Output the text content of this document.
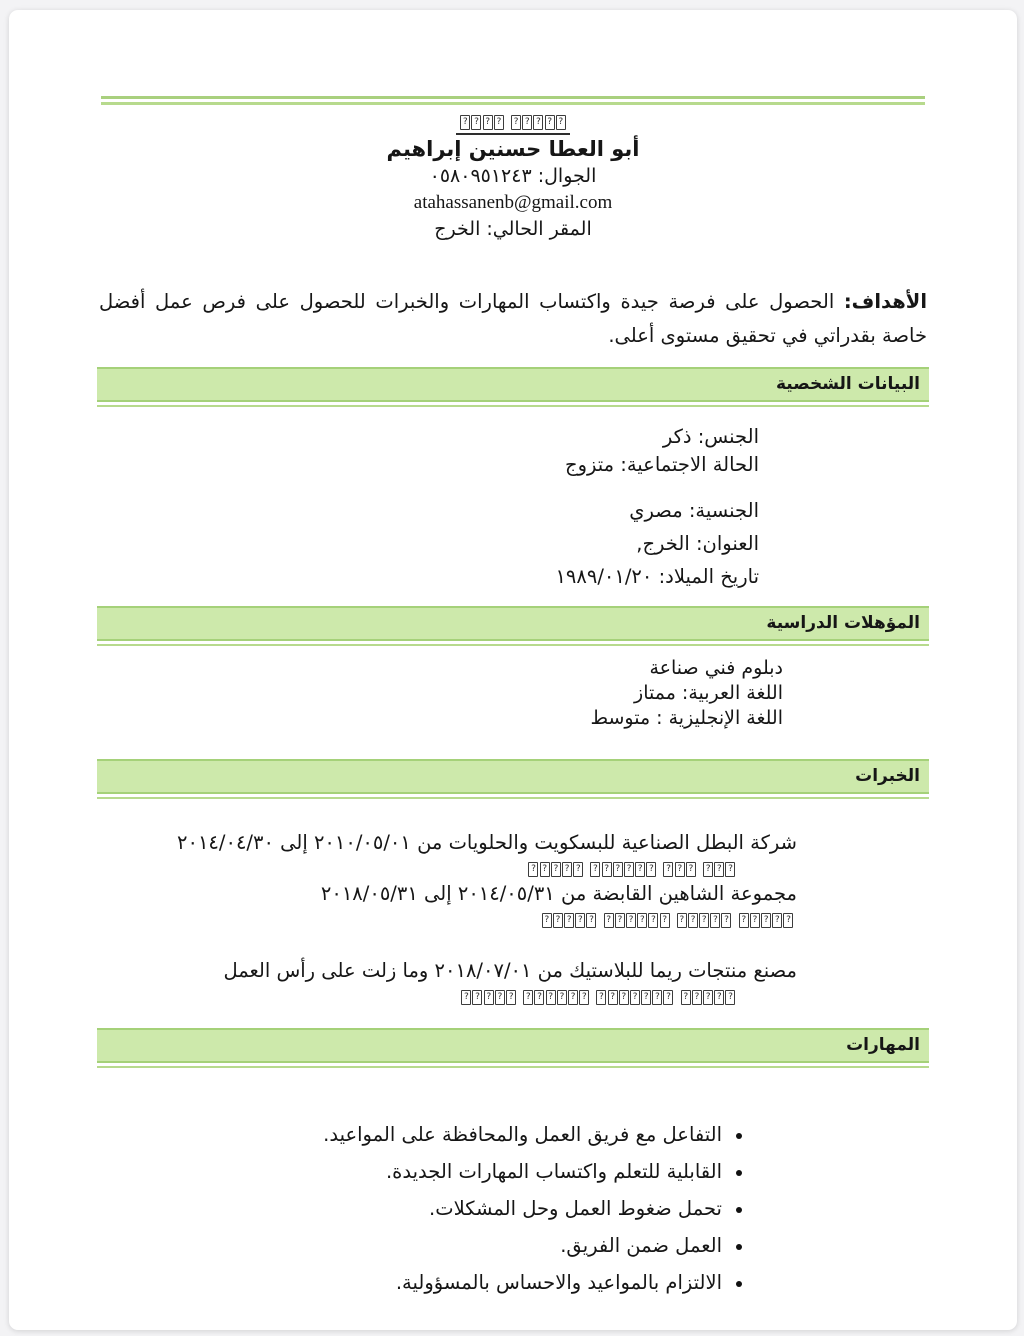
?????????
أبو العطا حسنين إبراهيم
الجوال: ٠٥٨٠٩٥١٢٤٣
atahassanenb@gmail.com
المقر الحالي: الخرج

الأهداف: الحصول على فرصة جيدة واكتساب المهارات والخبرات للحصول على فرص عمل أفضل خاصة بقدراتي في تحقيق مستوى أعلى.

البيانات الشخصية
الجنس: ذكر
الحالة الاجتماعية: متزوج
الجنسية: مصري
العنوان: الخرج,
تاريخ الميلاد: ١٩٨٩/٠١/٢٠
المؤهلات الدراسية
دبلوم فني صناعة
اللغة العربية: ممتاز
اللغة الإنجليزية : متوسط
الخبرات
شركة البطل الصناعية للبسكويت والحلويات من ٢٠١٠/٠٥/٠١ إلى ٢٠١٤/٠٤/٣٠
?????????????????
مجموعة الشاهين القابضة من ٢٠١٤/٠٥/٣١ إلى ٢٠١٨/٠٥/٣١
?????????????????????
مصنع منتجات ريما للبلاستيك من ٢٠١٨/٠٧/٠١ وما زلت على رأس العمل
???????????????????????
المهارات
• التفاعل مع فريق العمل والمحافظة على المواعيد.
• القابلية للتعلم واكتساب المهارات الجديدة.
• تحمل ضغوط العمل وحل المشكلات.
• العمل ضمن الفريق.
• الالتزام بالمواعيد والاحساس بالمسؤولية.
